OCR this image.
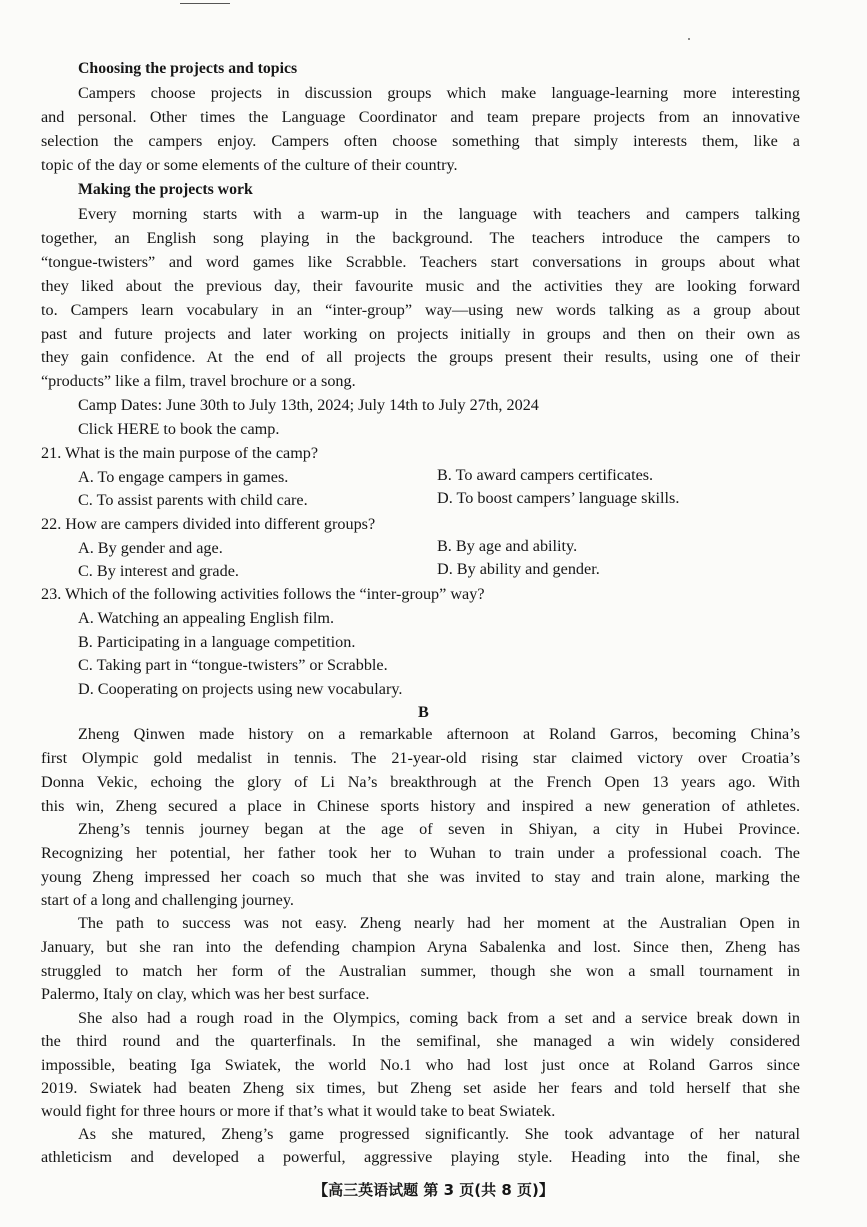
Choosing the projects and topics
Campers choose projects in discussion groups which make language-learning more interesting
and personal. Other times the Language Coordinator and team prepare projects from an innovative
selection the campers enjoy. Campers often choose something that simply interests them, like a
topic of the day or some elements of the culture of their country.
Making the projects work
Every morning starts with a warm-up in the language with teachers and campers talking
together, an English song playing in the background. The teachers introduce the campers to
“tongue-twisters” and word games like Scrabble. Teachers start conversations in groups about what
they liked about the previous day, their favourite music and the activities they are looking forward
to. Campers learn vocabulary in an “inter-group” way—using new words talking as a group about
past and future projects and later working on projects initially in groups and then on their own as
they gain confidence. At the end of all projects the groups present their results, using one of their
“products” like a film, travel brochure or a song.
Camp Dates: June 30th to July 13th, 2024; July 14th to July 27th, 2024
Click HERE to book the camp.
21. What is the main purpose of the camp?
A. To engage campers in games.	B. To award campers certificates.
C. To assist parents with child care.	D. To boost campers’ language skills.
22. How are campers divided into different groups?
A. By gender and age.	B. By age and ability.
C. By interest and grade.	D. By ability and gender.
23. Which of the following activities follows the “inter-group” way?
A. Watching an appealing English film.
B. Participating in a language competition.
C. Taking part in “tongue-twisters” or Scrabble.
D. Cooperating on projects using new vocabulary.
B
Zheng Qinwen made history on a remarkable afternoon at Roland Garros, becoming China’s
first Olympic gold medalist in tennis. The 21-year-old rising star claimed victory over Croatia’s
Donna Vekic, echoing the glory of Li Na’s breakthrough at the French Open 13 years ago. With
this win, Zheng secured a place in Chinese sports history and inspired a new generation of athletes.
Zheng’s tennis journey began at the age of seven in Shiyan, a city in Hubei Province.
Recognizing her potential, her father took her to Wuhan to train under a professional coach. The
young Zheng impressed her coach so much that she was invited to stay and train alone, marking the
start of a long and challenging journey.
The path to success was not easy. Zheng nearly had her moment at the Australian Open in
January, but she ran into the defending champion Aryna Sabalenka and lost. Since then, Zheng has
struggled to match her form of the Australian summer, though she won a small tournament in
Palermo, Italy on clay, which was her best surface.
She also had a rough road in the Olympics, coming back from a set and a service break down in
the third round and the quarterfinals. In the semifinal, she managed a win widely considered
impossible, beating Iga Swiatek, the world No.1 who had lost just once at Roland Garros since
2019. Swiatek had beaten Zheng six times, but Zheng set aside her fears and told herself that she
would fight for three hours or more if that’s what it would take to beat Swiatek.
As she matured, Zheng’s game progressed significantly. She took advantage of her natural
athleticism and developed a powerful, aggressive playing style. Heading into the final, she
【高三英语试题 第 3 页(共 8 页)】
